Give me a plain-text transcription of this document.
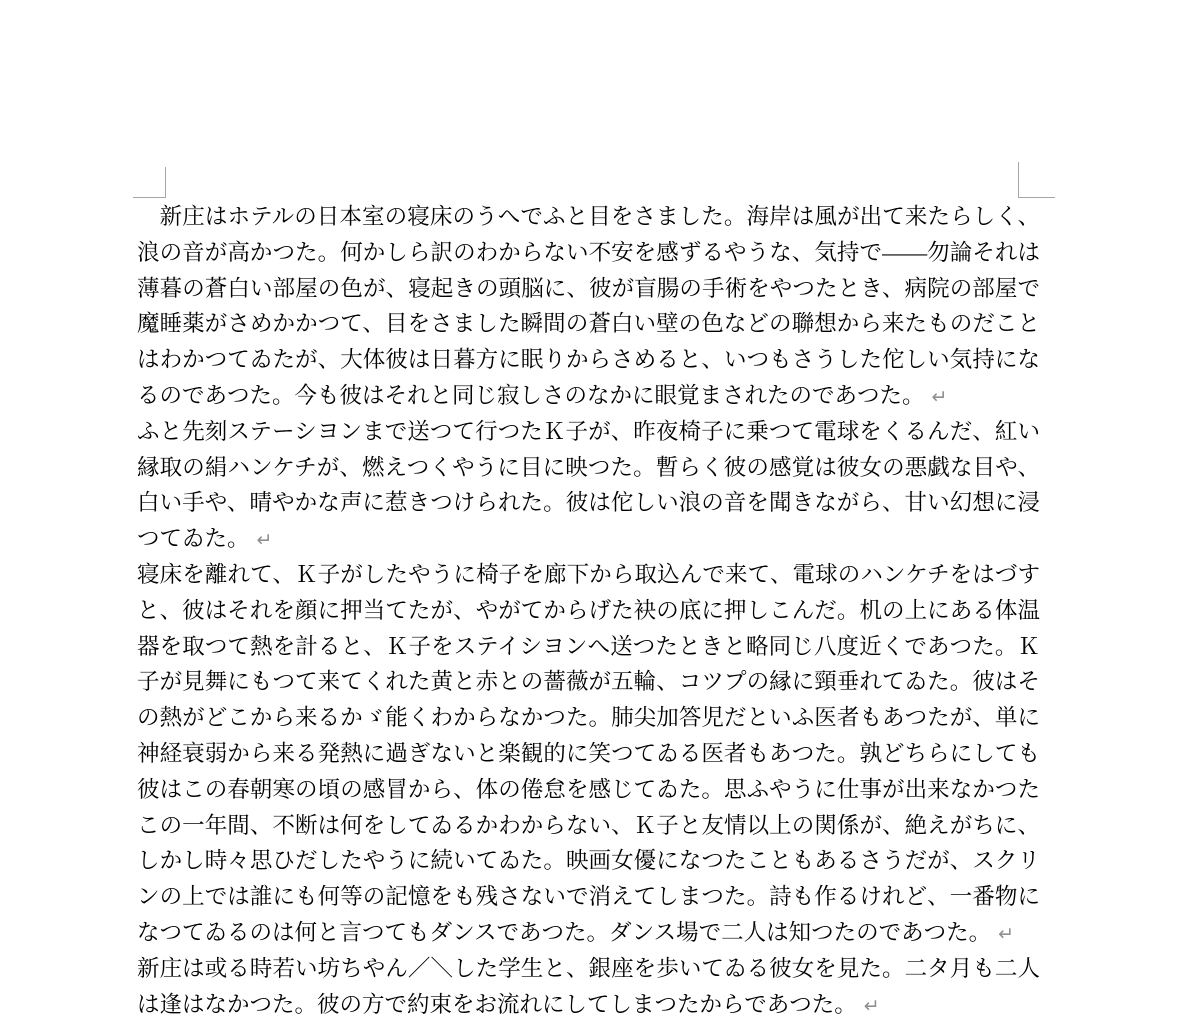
　新庄はホテルの日本室の寝床のうへでふと目をさました。海岸は風が出て来たらしく、
浪の音が高かつた。何かしら訳のわからない不安を感ずるやうな、気持で——勿論それは
薄暮の蒼白い部屋の色が、寝起きの頭脳に、彼が盲腸の手術をやつたとき、病院の部屋で
魔睡薬がさめかかつて、目をさました瞬間の蒼白い壁の色などの聯想から来たものだこと
はわかつてゐたが、大体彼は日暮方に眠りからさめると、いつもさうした佗しい気持にな
るのであつた。今も彼はそれと同じ寂しさのなかに眼覚まされたのであつた。 ↵
ふと先刻ステーシヨンまで送つて行つたＫ子が、昨夜椅子に乗つて電球をくるんだ、紅い
縁取の絹ハンケチが、燃えつくやうに目に映つた。暫らく彼の感覚は彼女の悪戯な目や、
白い手や、晴やかな声に惹きつけられた。彼は佗しい浪の音を聞きながら、甘い幻想に浸
つてゐた。 ↵
寝床を離れて、Ｋ子がしたやうに椅子を廊下から取込んで来て、電球のハンケチをはづす
と、彼はそれを顔に押当てたが、やがてからげた袂の底に押しこんだ。机の上にある体温
器を取つて熱を計ると、Ｋ子をステイシヨンへ送つたときと略同じ八度近くであつた。Ｋ
子が見舞にもつて来てくれた黄と赤との薔薇が五輪、コツプの縁に頸垂れてゐた。彼はそ
の熱がどこから来るかゞ能くわからなかつた。肺尖加答児だといふ医者もあつたが、単に
神経衰弱から来る発熱に過ぎないと楽観的に笑つてゐる医者もあつた。孰どちらにしても
彼はこの春朝寒の頃の感冒から、体の倦怠を感じてゐた。思ふやうに仕事が出来なかつた
この一年間、不断は何をしてゐるかわからない、Ｋ子と友情以上の関係が、絶えがちに、
しかし時々思ひだしたやうに続いてゐた。映画女優になつたこともあるさうだが、スクリ
ンの上では誰にも何等の記憶をも残さないで消えてしまつた。詩も作るけれど、一番物に
なつてゐるのは何と言つてもダンスであつた。ダンス場で二人は知つたのであつた。 ↵
新庄は或る時若い坊ちやん／＼した学生と、銀座を歩いてゐる彼女を見た。二タ月も二人
は逢はなかつた。彼の方で約束をお流れにしてしまつたからであつた。 ↵
